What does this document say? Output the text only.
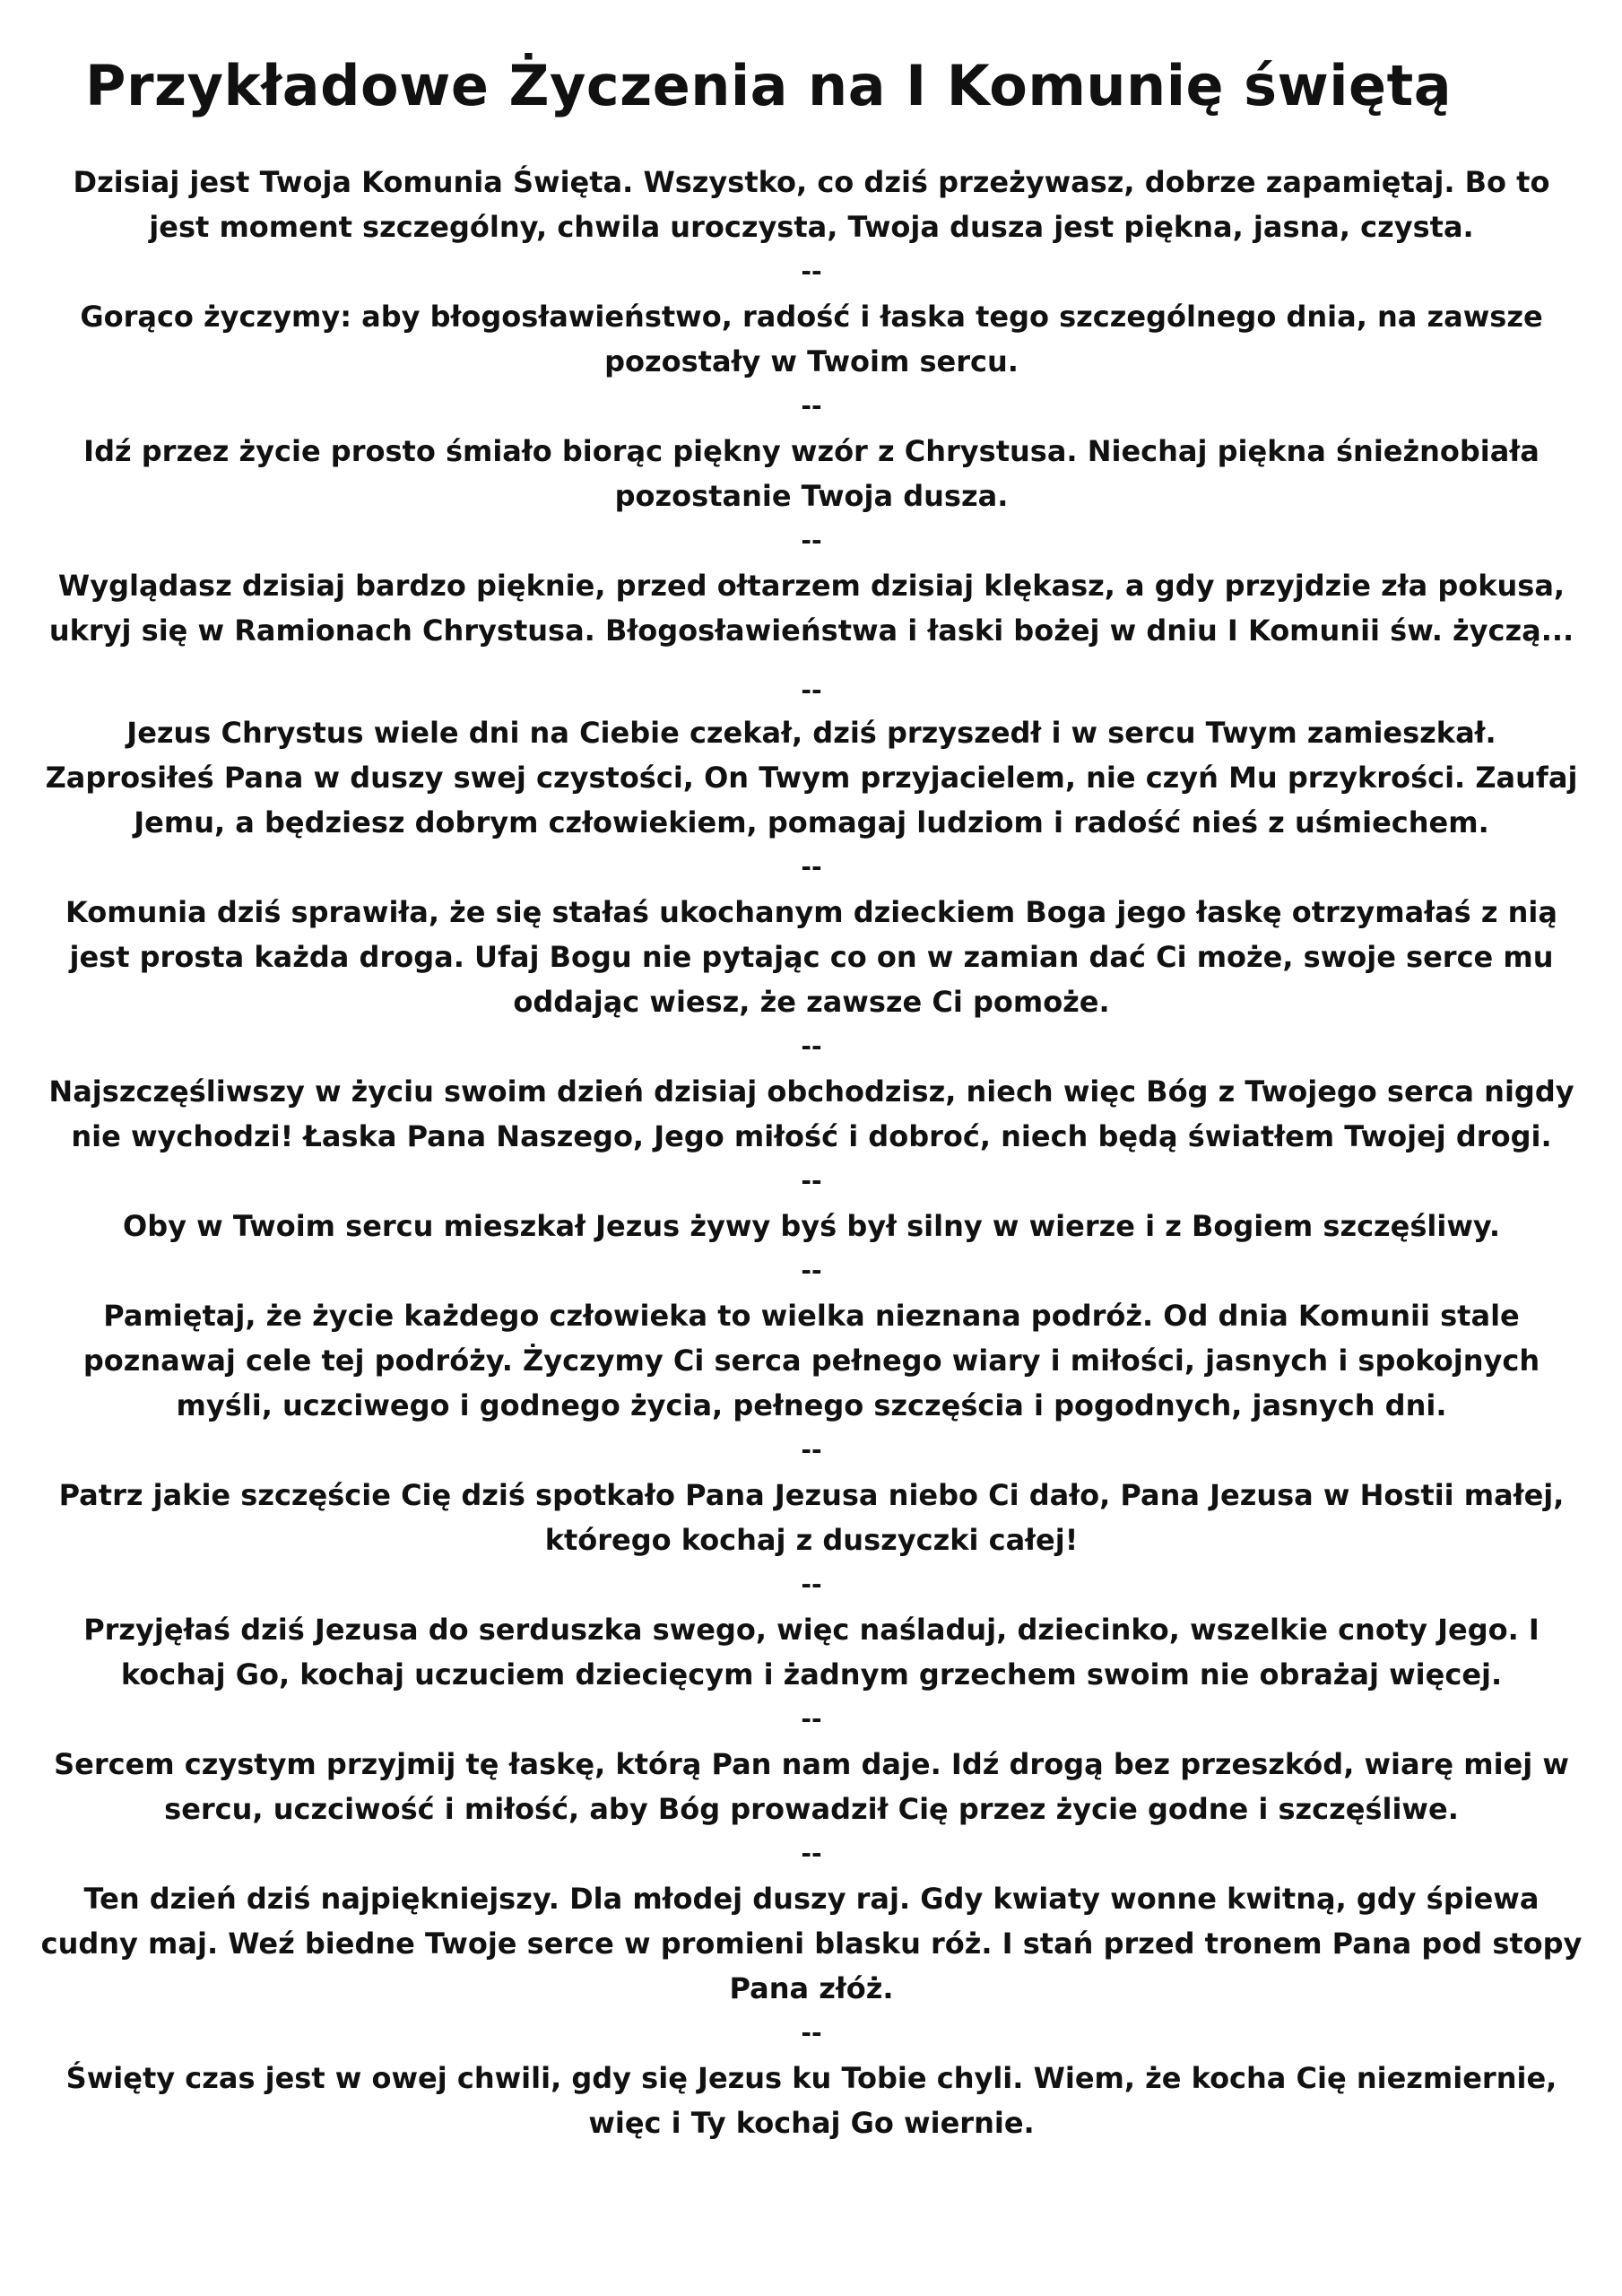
Przykładowe Życzenia na I Komunię świętą

Dzisiaj jest Twoja Komunia Święta. Wszystko, co dziś przeżywasz, dobrze zapamiętaj. Bo to jest moment szczególny, chwila uroczysta, Twoja dusza jest piękna, jasna, czysta.

--

Gorąco życzymy: aby błogosławieństwo, radość i łaska tego szczególnego dnia, na zawsze pozostały w Twoim sercu.

--

Idź przez życie prosto śmiało biorąc piękny wzór z Chrystusa. Niechaj piękna śnieżnobiała pozostanie Twoja dusza.

--

Wyglądasz dzisiaj bardzo pięknie, przed ołtarzem dzisiaj klękasz, a gdy przyjdzie zła pokusa, ukryj się w Ramionach Chrystusa. Błogosławieństwa i łaski bożej w dniu I Komunii św. życzą...

--

Jezus Chrystus wiele dni na Ciebie czekał, dziś przyszedł i w sercu Twym zamieszkał. Zaprosiłeś Pana w duszy swej czystości, On Twym przyjacielem, nie czyń Mu przykrości. Zaufaj Jemu, a będziesz dobrym człowiekiem, pomagaj ludziom i radość nieś z uśmiechem.

--

Komunia dziś sprawiła, że się stałaś ukochanym dzieckiem Boga jego łaskę otrzymałaś z nią jest prosta każda droga. Ufaj Bogu nie pytając co on w zamian dać Ci może, swoje serce mu oddając wiesz, że zawsze Ci pomoże.

--

Najszczęśliwszy w życiu swoim dzień dzisiaj obchodzisz, niech więc Bóg z Twojego serca nigdy nie wychodzi! Łaska Pana Naszego, Jego miłość i dobroć, niech będą światłem Twojej drogi.

--

Oby w Twoim sercu mieszkał Jezus żywy byś był silny w wierze i z Bogiem szczęśliwy.

--

Pamiętaj, że życie każdego człowieka to wielka nieznana podróż. Od dnia Komunii stale poznawaj cele tej podróży. Życzymy Ci serca pełnego wiary i miłości, jasnych i spokojnych myśli, uczciwego i godnego życia, pełnego szczęścia i pogodnych, jasnych dni.

--

Patrz jakie szczęście Cię dziś spotkało Pana Jezusa niebo Ci dało, Pana Jezusa w Hostii małej, którego kochaj z duszyczki całej!

--

Przyjęłaś dziś Jezusa do serduszka swego, więc naśladuj, dziecinko, wszelkie cnoty Jego. I kochaj Go, kochaj uczuciem dziecięcym i żadnym grzechem swoim nie obrażaj więcej.

--

Sercem czystym przyjmij tę łaskę, którą Pan nam daje. Idź drogą bez przeszkód, wiarę miej w sercu, uczciwość i miłość, aby Bóg prowadził Cię przez życie godne i szczęśliwe.

--

Ten dzień dziś najpiękniejszy. Dla młodej duszy raj. Gdy kwiaty wonne kwitną, gdy śpiewa cudny maj. Weź biedne Twoje serce w promieni blasku róż. I stań przed tronem Pana pod stopy Pana złóż.

--

Święty czas jest w owej chwili, gdy się Jezus ku Tobie chyli. Wiem, że kocha Cię niezmiernie, więc i Ty kochaj Go wiernie.
